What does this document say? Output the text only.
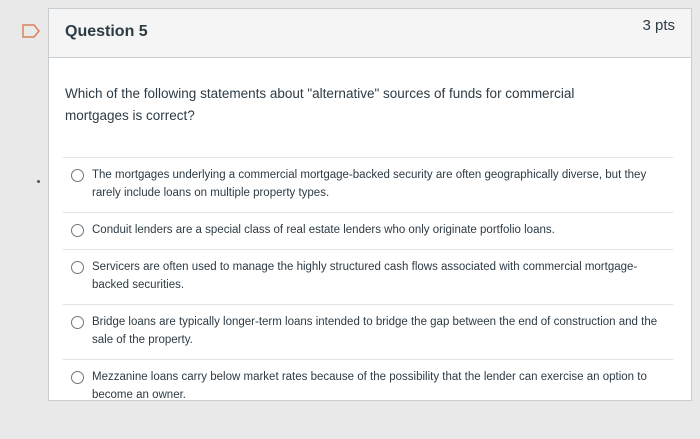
Question 5	3 pts
Which of the following statements about "alternative" sources of funds for commercial mortgages is correct?
The mortgages underlying a commercial mortgage-backed security are often geographically diverse, but they rarely include loans on multiple property types.
Conduit lenders are a special class of real estate lenders who only originate portfolio loans.
Servicers are often used to manage the highly structured cash flows associated with commercial mortgage-backed securities.
Bridge loans are typically longer-term loans intended to bridge the gap between the end of construction and the sale of the property.
Mezzanine loans carry below market rates because of the possibility that the lender can exercise an option to become an owner.
